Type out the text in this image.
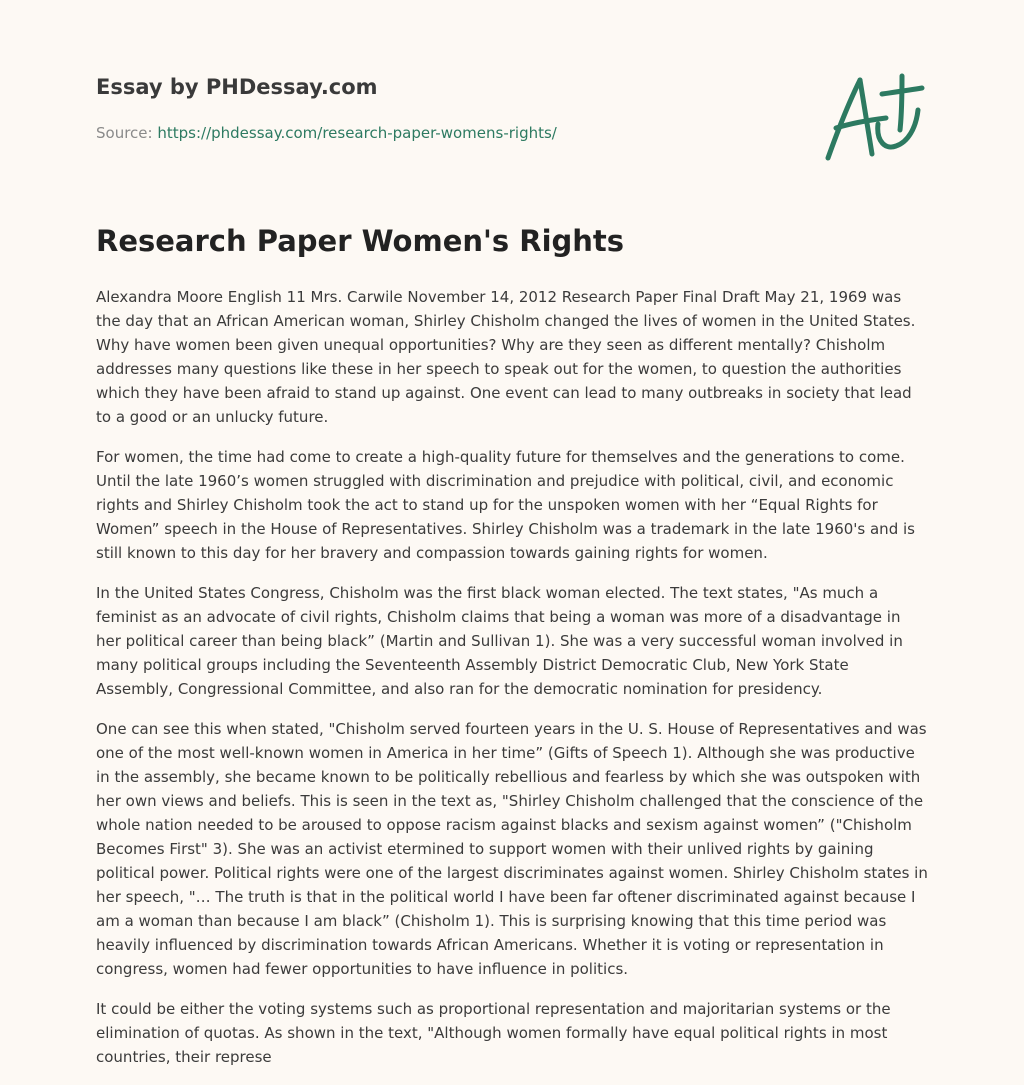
Essay by PHDessay.com
Source: https://phdessay.com/research-paper-womens-rights/
Research Paper Women's Rights

Alexandra Moore English 11 Mrs. Carwile November 14, 2012 Research Paper Final Draft May 21, 1969 was the day that an African American woman, Shirley Chisholm changed the lives of women in the United States. Why have women been given unequal opportunities? Why are they seen as different mentally? Chisholm addresses many questions like these in her speech to speak out for the women, to question the authorities which they have been afraid to stand up against. One event can lead to many outbreaks in society that lead to a good or an unlucky future.

For women, the time had come to create a high-quality future for themselves and the generations to come. Until the late 1960’s women struggled with discrimination and prejudice with political, civil, and economic rights and Shirley Chisholm took the act to stand up for the unspoken women with her “Equal Rights for Women” speech in the House of Representatives. Shirley Chisholm was a trademark in the late 1960's and is still known to this day for her bravery and compassion towards gaining rights for women.

In the United States Congress, Chisholm was the first black woman elected. The text states, "As much a feminist as an advocate of civil rights, Chisholm claims that being a woman was more of a disadvantage in her political career than being black” (Martin and Sullivan 1). She was a very successful woman involved in many political groups including the Seventeenth Assembly District Democratic Club, New York State Assembly, Congressional Committee, and also ran for the democratic nomination for presidency.

One can see this when stated, "Chisholm served fourteen years in the U. S. House of Representatives and was one of the most well-known women in America in her time” (Gifts of Speech 1). Although she was productive in the assembly, she became known to be politically rebellious and fearless by which she was outspoken with her own views and beliefs. This is seen in the text as, "Shirley Chisholm challenged that the conscience of the whole nation needed to be aroused to oppose racism against blacks and sexism against women” ("Chisholm Becomes First" 3). She was an activist etermined to support women with their unlived rights by gaining political power. Political rights were one of the largest discriminates against women. Shirley Chisholm states in her speech, "… The truth is that in the political world I have been far oftener discriminated against because I am a woman than because I am black” (Chisholm 1). This is surprising knowing that this time period was heavily influenced by discrimination towards African Americans. Whether it is voting or representation in congress, women had fewer opportunities to have influence in politics.

It could be either the voting systems such as proportional representation and majoritarian systems or the elimination of quotas. As shown in the text, "Although women formally have equal political rights in most countries, their represe
